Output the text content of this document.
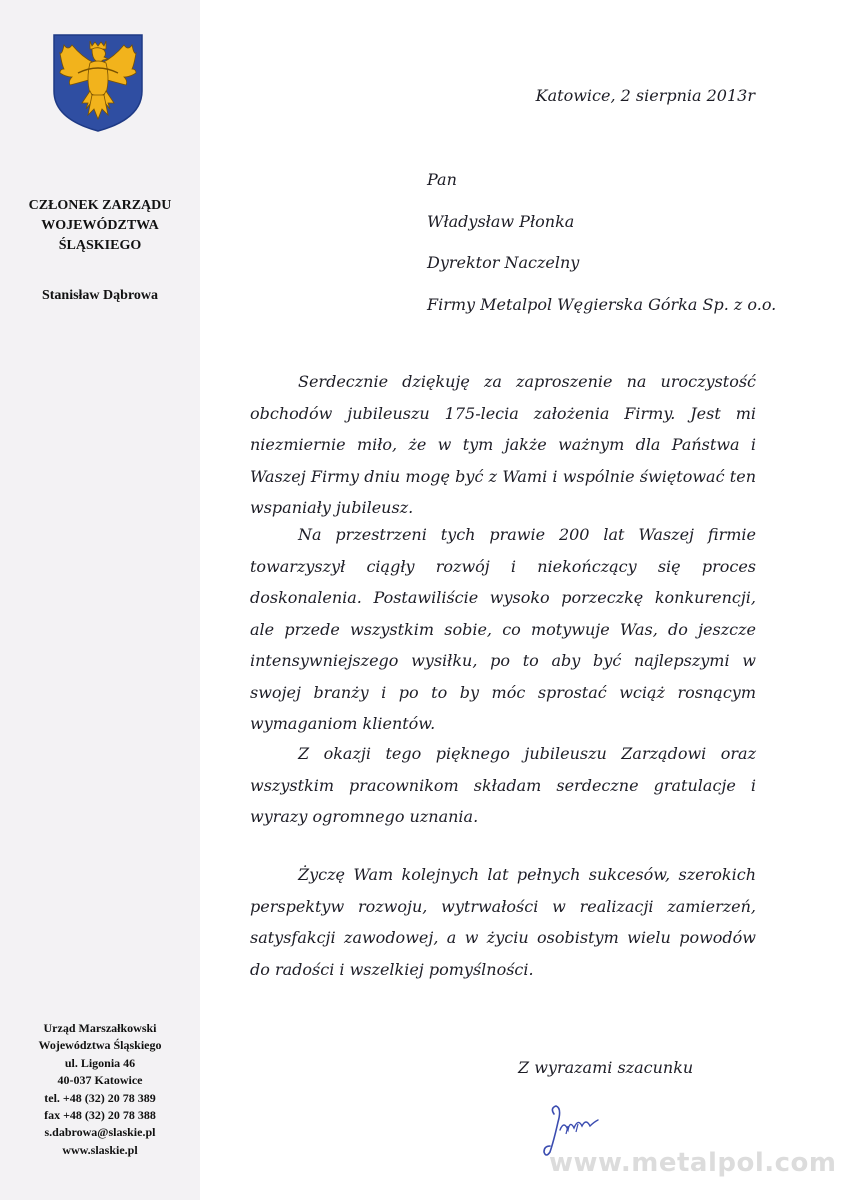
CZŁONEK ZARZĄDU
WOJEWÓDZTWA
ŚLĄSKIEGO
Stanisław Dąbrowa
Urząd Marszałkowski
Województwa Śląskiego
ul. Ligonia 46
40-037 Katowice
tel. +48 (32) 20 78 389
fax +48 (32) 20 78 388
s.dabrowa@slaskie.pl
www.slaskie.pl
Katowice, 2 sierpnia 2013r
Pan
Władysław Płonka
Dyrektor Naczelny
Firmy Metalpol Węgierska Górka Sp. z o.o.

Serdecznie dziękuję za zaproszenie na uroczystość obchodów jubileuszu 175-lecia założenia Firmy. Jest mi niezmiernie miło, że w tym jakże ważnym dla Państwa i Waszej Firmy dniu mogę być z Wami i wspólnie świętować ten wspaniały jubileusz.

Na przestrzeni tych prawie 200 lat Waszej firmie towarzyszył ciągły rozwój i niekończący się proces doskonalenia. Postawiliście wysoko porzeczkę konkurencji, ale przede wszystkim sobie, co motywuje Was, do jeszcze intensywniejszego wysiłku, po to aby być najlepszymi w swojej branży i po to by móc sprostać wciąż rosnącym wymaganiom klientów.

Z okazji tego pięknego jubileuszu Zarządowi oraz wszystkim pracownikom składam serdeczne gratulacje i wyrazy ogromnego uznania.

Życzę Wam kolejnych lat pełnych sukcesów, szerokich perspektyw rozwoju, wytrwałości w realizacji zamierzeń, satysfakcji zawodowej, a w życiu osobistym wielu powodów do radości i wszelkiej pomyślności.

Z wyrazami szacunku
www.metalpol.com
